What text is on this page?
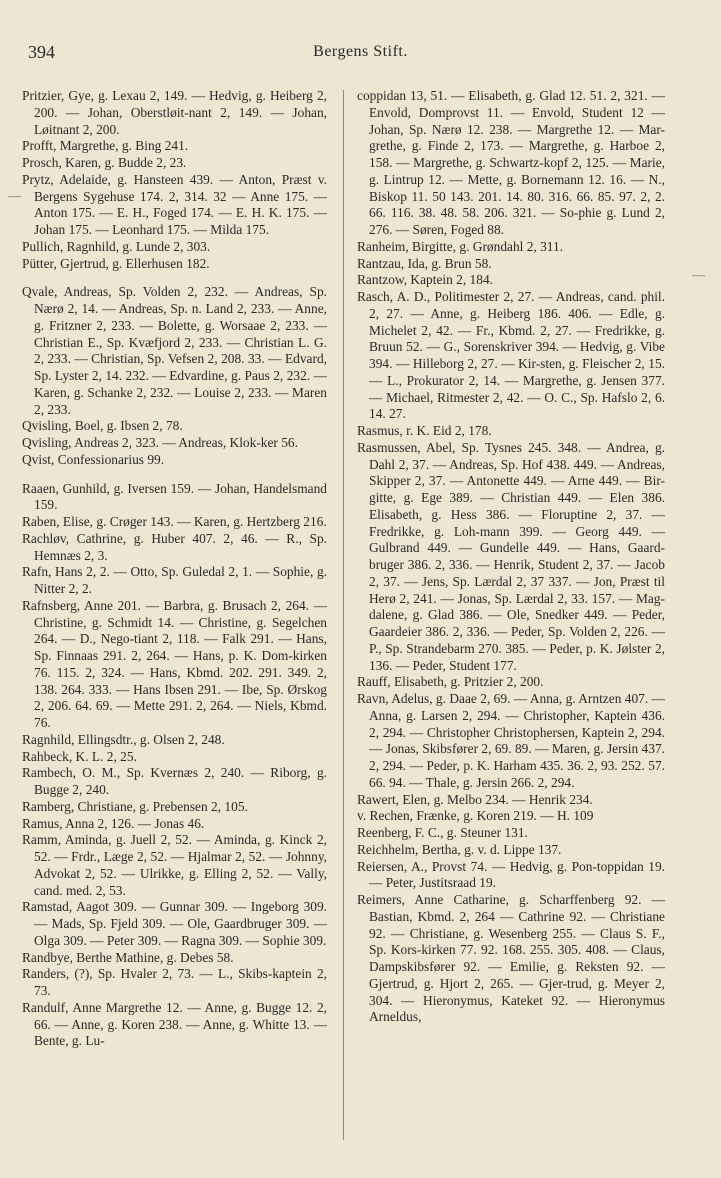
394	Bergens Stift.

Pritzier, Gye, g. Lexau 2, 149. — Hedvig, g. Heiberg 2, 200. — Johan, Oberstløit-nant 2, 149. — Johan, Løitnant 2, 200.

Profft, Margrethe, g. Bing 241.

Prosch, Karen, g. Budde 2, 23.

Prytz, Adelaide, g. Hansteen 439. — Anton, Præst v. Bergens Sygehuse 174. 2, 314. 32 — Anne 175. — Anton 175. — E. H., Foged 174. — E. H. K. 175. — Johan 175. — Leonhard 175. — Milda 175.

Pullich, Ragnhild, g. Lunde 2, 303.

Pütter, Gjertrud, g. Ellerhusen 182.

Qvale, Andreas, Sp. Volden 2, 232. — Andreas, Sp. Nærø 2, 14. — Andreas, Sp. n. Land 2, 233. — Anne, g. Fritzner 2, 233. — Bolette, g. Worsaae 2, 233. — Christian E., Sp. Kvæfjord 2, 233. — Christian L. G. 2, 233. — Christian, Sp. Vefsen 2, 208. 33. — Edvard, Sp. Lyster 2, 14. 232. — Edvardine, g. Paus 2, 232. — Karen, g. Schanke 2, 232. — Louise 2, 233. — Maren 2, 233.

Qvisling, Boel, g. Ibsen 2, 78.

Qvisling, Andreas 2, 323. — Andreas, Klok-ker 56.

Qvist, Confessionarius 99.

Raaen, Gunhild, g. Iversen 159. — Johan, Handelsmand 159.

Raben, Elise, g. Crøger 143. — Karen, g. Hertzberg 216.

Rachløv, Cathrine, g. Huber 407. 2, 46. — R., Sp. Hemnæs 2, 3.

Rafn, Hans 2, 2. — Otto, Sp. Guledal 2, 1. — Sophie, g. Nitter 2, 2.

Rafnsberg, Anne 201. — Barbra, g. Brusach 2, 264. — Christine, g. Schmidt 14. — Christine, g. Segelchen 264. — D., Nego-tiant 2, 118. — Falk 291. — Hans, Sp. Finnaas 291. 2, 264. — Hans, p. K. Dom-kirken 76. 115. 2, 324. — Hans, Kbmd. 202. 291. 349. 2, 138. 264. 333. — Hans Ibsen 291. — Ibe, Sp. Ørskog 2, 206. 64. 69. — Mette 291. 2, 264. — Niels, Kbmd. 76.

Ragnhild, Ellingsdtr., g. Olsen 2, 248.

Rahbeck, K. L. 2, 25.

Rambech, O. M., Sp. Kvernæs 2, 240. — Riborg, g. Bugge 2, 240.

Ramberg, Christiane, g. Prebensen 2, 105.

Ramus, Anna 2, 126. — Jonas 46.

Ramm, Aminda, g. Juell 2, 52. — Aminda, g. Kinck 2, 52. — Frdr., Læge 2, 52. — Hjalmar 2, 52. — Johnny, Advokat 2, 52. — Ulrikke, g. Elling 2, 52. — Vally, cand. med. 2, 53.

Ramstad, Aagot 309. — Gunnar 309. — Ingeborg 309. — Mads, Sp. Fjeld 309. — Ole, Gaardbruger 309. — Olga 309. — Peter 309. — Ragna 309. — Sophie 309.

Randbye, Berthe Mathine, g. Debes 58.

Randers, (?), Sp. Hvaler 2, 73. — L., Skibs-kaptein 2, 73.

Randulf, Anne Margrethe 12. — Anne, g. Bugge 12. 2, 66. — Anne, g. Koren 238. — Anne, g. Whitte 13. — Bente, g. Lu-

coppidan 13, 51. — Elisabeth, g. Glad 12. 51. 2, 321. — Envold, Domprovst 11. — Envold, Student 12 — Johan, Sp. Nærø 12. 238. — Margrethe 12. — Mar-grethe, g. Finde 2, 173. — Margrethe, g. Harboe 2, 158. — Margrethe, g. Schwartz-kopf 2, 125. — Marie, g. Lintrup 12. — Mette, g. Bornemann 12. 16. — N., Biskop 11. 50 143. 201. 14. 80. 316. 66. 85. 97. 2, 2. 66. 116. 38. 48. 58. 206. 321. — So-phie g. Lund 2, 276. — Søren, Foged 88.

Ranheim, Birgitte, g. Grøndahl 2, 311.

Rantzau, Ida, g. Brun 58.

Rantzow, Kaptein 2, 184.

Rasch, A. D., Politimester 2, 27. — Andreas, cand. phil. 2, 27. — Anne, g. Heiberg 186. 406. — Edle, g. Michelet 2, 42. — Fr., Kbmd. 2, 27. — Fredrikke, g. Bruun 52. — G., Sorenskriver 394. — Hedvig, g. Vibe 394. — Hilleborg 2, 27. — Kir-sten, g. Fleischer 2, 15. — L., Prokurator 2, 14. — Margrethe, g. Jensen 377. — Michael, Ritmester 2, 42. — O. C., Sp. Hafslo 2, 6. 14. 27.

Rasmus, r. K. Eid 2, 178.

Rasmussen, Abel, Sp. Tysnes 245. 348. — Andrea, g. Dahl 2, 37. — Andreas, Sp. Hof 438. 449. — Andreas, Skipper 2, 37. — Antonette 449. — Arne 449. — Bir-gitte, g. Ege 389. — Christian 449. — Elen 386. Elisabeth, g. Hess 386. — Floruptine 2, 37. — Fredrikke, g. Loh-mann 399. — Georg 449. — Gulbrand 449. — Gundelle 449. — Hans, Gaard-bruger 386. 2, 336. — Henrik, Student 2, 37. — Jacob 2, 37. — Jens, Sp. Lærdal 2, 37 337. — Jon, Præst til Herø 2, 241. — Jonas, Sp. Lærdal 2, 33. 157. — Mag-dalene, g. Glad 386. — Ole, Snedker 449. — Peder, Gaardeier 386. 2, 336. — Peder, Sp. Volden 2, 226. — P., Sp. Strandebarm 270. 385. — Peder, p. K. Jølster 2, 136. — Peder, Student 177.

Rauff, Elisabeth, g. Pritzier 2, 200.

Ravn, Adelus, g. Daae 2, 69. — Anna, g. Arntzen 407. — Anna, g. Larsen 2, 294. — Christopher, Kaptein 436. 2, 294. — Christopher Christophersen, Kaptein 2, 294. — Jonas, Skibsfører 2, 69. 89. — Maren, g. Jersin 437. 2, 294. — Peder, p. K. Harham 435. 36. 2, 93. 252. 57. 66. 94. — Thale, g. Jersin 266. 2, 294.

Rawert, Elen, g. Melbo 234. — Henrik 234.

v. Rechen, Frænke, g. Koren 219. — H. 109

Reenberg, F. C., g. Steuner 131.

Reichhelm, Bertha, g. v. d. Lippe 137.

Reiersen, A., Provst 74. — Hedvig, g. Pon-toppidan 19. — Peter, Justitsraad 19.

Reimers, Anne Catharine, g. Scharffenberg 92. — Bastian, Kbmd. 2, 264 — Cathrine 92. — Christiane 92. — Christiane, g. Wesenberg 255. — Claus S. F., Sp. Kors-kirken 77. 92. 168. 255. 305. 408. — Claus, Dampskibsfører 92. — Emilie, g. Reksten 92. — Gjertrud, g. Hjort 2, 265. — Gjer-trud, g. Meyer 2, 304. — Hieronymus, Kateket 92. — Hieronymus Arneldus,

—
—
